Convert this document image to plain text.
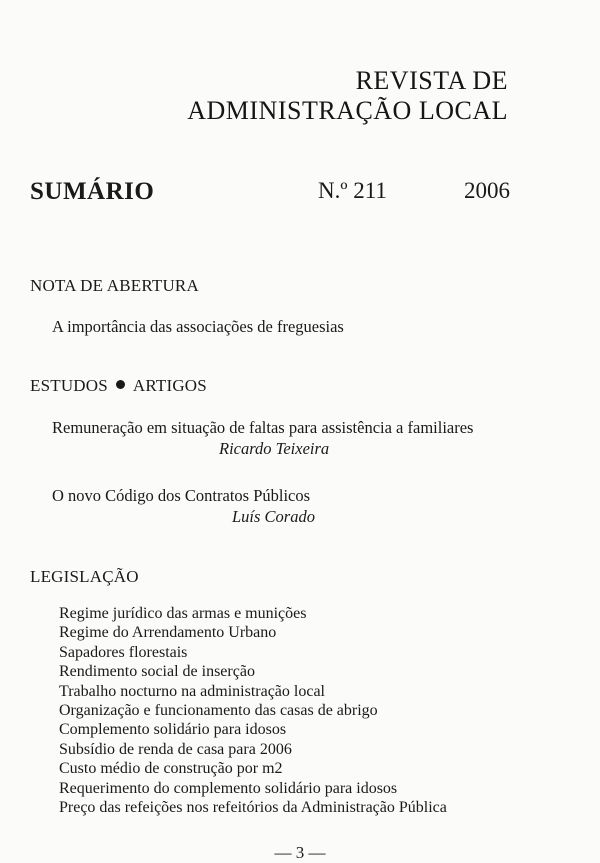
REVISTA DE
ADMINISTRAÇÃO LOCAL
SUMÁRIO	N.º 211	2006
NOTA DE ABERTURA
A importância das associações de freguesias
ESTUDOS ARTIGOS
Remuneração em situação de faltas para assistência a familiares
Ricardo Teixeira
O novo Código dos Contratos Públicos
Luís Corado
LEGISLAÇÃO
Regime jurídico das armas e munições
Regime do Arrendamento Urbano
Sapadores florestais
Rendimento social de inserção
Trabalho nocturno na administração local
Organização e funcionamento das casas de abrigo
Complemento solidário para idosos
Subsídio de renda de casa para 2006
Custo médio de construção por m2
Requerimento do complemento solidário para idosos
Preço das refeições nos refeitórios da Administração Pública
— 3 —
